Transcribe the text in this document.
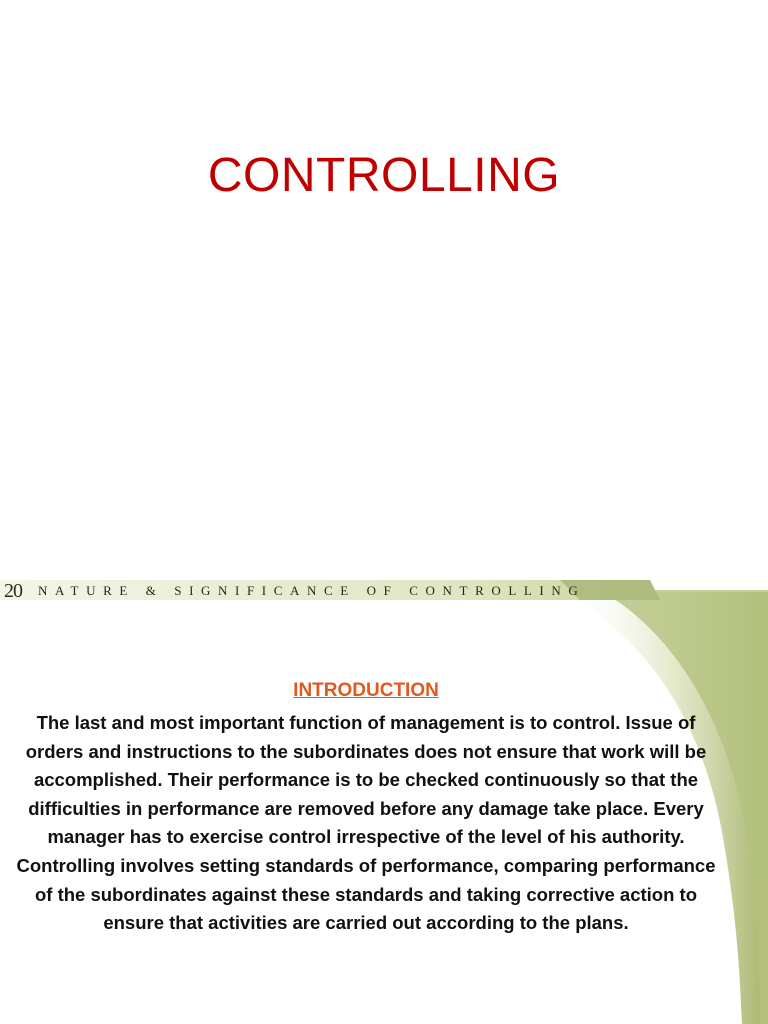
CONTROLLING
20	NATURE & SIGNIFICANCE OF CONTROLLING
INTRODUCTION
The last and most important function of management is to control. Issue of orders and instructions to the subordinates does not ensure that work will be accomplished. Their performance is to be checked continuously so that the difficulties in performance are removed before any damage take place. Every manager has to exercise control irrespective of the level of his authority. Controlling involves setting standards of performance, comparing performance of the subordinates against these standards and taking corrective action to ensure that activities are carried out according to the plans.
